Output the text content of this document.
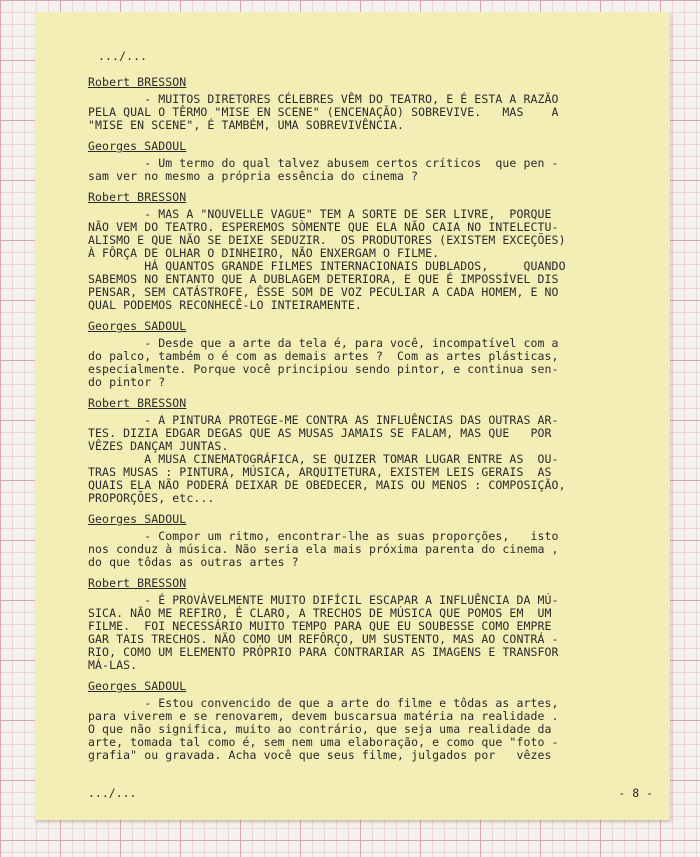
.../...
Robert BRESSON
- MUITOS DIRETORES CÉLEBRES VÊM DO TEATRO, E É ESTA A RAZÃO
PELA QUAL O TÊRMO "MISE EN SCENE" (ENCENAÇÃO) SOBREVIVE.   MAS    A
"MISE EN SCENE", É TAMBÉM, UMA SOBREVIVÊNCIA.
Georges SADOUL
- Um termo do qual talvez abusem certos críticos  que pen -
sam ver no mesmo a própria essência do cinema ?
Robert BRESSON
- MAS A "NOUVELLE VAGUE" TEM A SORTE DE SER LIVRE,  PORQUE
NÃO VEM DO TEATRO. ESPEREMOS SÒMENTE QUE ELA NÃO CAIA NO INTELECTU-
ALISMO E QUE NÃO SE DEIXE SEDUZIR.  OS PRODUTORES (EXISTEM EXCEÇÕES)
À FÔRÇA DE OLHAR O DINHEIRO, NÃO ENXERGAM O FILME.
HÁ QUANTOS GRANDE FILMES INTERNACIONAIS DUBLADOS,     QUANDO
SABEMOS NO ENTANTO QUE A DUBLAGEM DETERIORA, E QUE É IMPOSSÍVEL DIS
PENSAR, SEM CATÁSTROFE, ÊSSE SOM DE VOZ PECULIAR A CADA HOMEM, E NO
QUAL PODEMOS RECONHECÊ-LO INTEIRAMENTE.
Georges SADOUL
- Desde que a arte da tela é, para você, incompatível com a
do palco, também o é com as demais artes ?  Com as artes plásticas,
especialmente. Porque você principiou sendo pintor, e continua sen-
do pintor ?
Robert BRESSON
- A PINTURA PROTEGE-ME CONTRA AS INFLUÊNCIAS DAS OUTRAS AR-
TES. DIZIA EDGAR DEGAS QUE AS MUSAS JAMAIS SE FALAM, MAS QUE   POR
VÊZES DANÇAM JUNTAS.
A MUSA CINEMATOGRÁFICA, SE QUIZER TOMAR LUGAR ENTRE AS  OU-
TRAS MUSAS : PINTURA, MÚSICA, ARQUITETURA, EXISTEM LEIS GERAIS  AS
QUAIS ELA NÃO PODERÁ DEIXAR DE OBEDECER, MAIS OU MENOS : COMPOSIÇÃO,
PROPORÇÕES, etc...
Georges SADOUL
- Compor um ritmo, encontrar-lhe as suas proporções,   isto
nos conduz à música. Não seria ela mais próxima parenta do cinema ,
do que tôdas as outras artes ?
Robert BRESSON
- É PROVÀVELMENTE MUITO DIFÍCIL ESCAPAR A INFLUÊNCIA DA MÚ-
SICA. NÃO ME REFIRO, É CLARO, A TRECHOS DE MÚSICA QUE POMOS EM  UM
FILME.  FOI NECESSÁRIO MUITO TEMPO PARA QUE EU SOUBESSE COMO EMPRE
GAR TAIS TRECHOS. NÃO COMO UM REFÔRÇO, UM SUSTENTO, MAS AO CONTRÁ -
RIO, COMO UM ELEMENTO PRÓPRIO PARA CONTRARIAR AS IMAGENS E TRANSFOR
MÁ-LAS.
Georges SADOUL
- Estou convencido de que a arte do filme e tôdas as artes,
para viverem e se renovarem, devem buscarsua matéria na realidade .
O que não significa, muito ao contrário, que seja uma realidade da
arte, tomada tal como é, sem nem uma elaboração, e como que "foto -
grafia" ou gravada. Acha você que seus filme, julgados por   vêzes
.../...	- 8 -
